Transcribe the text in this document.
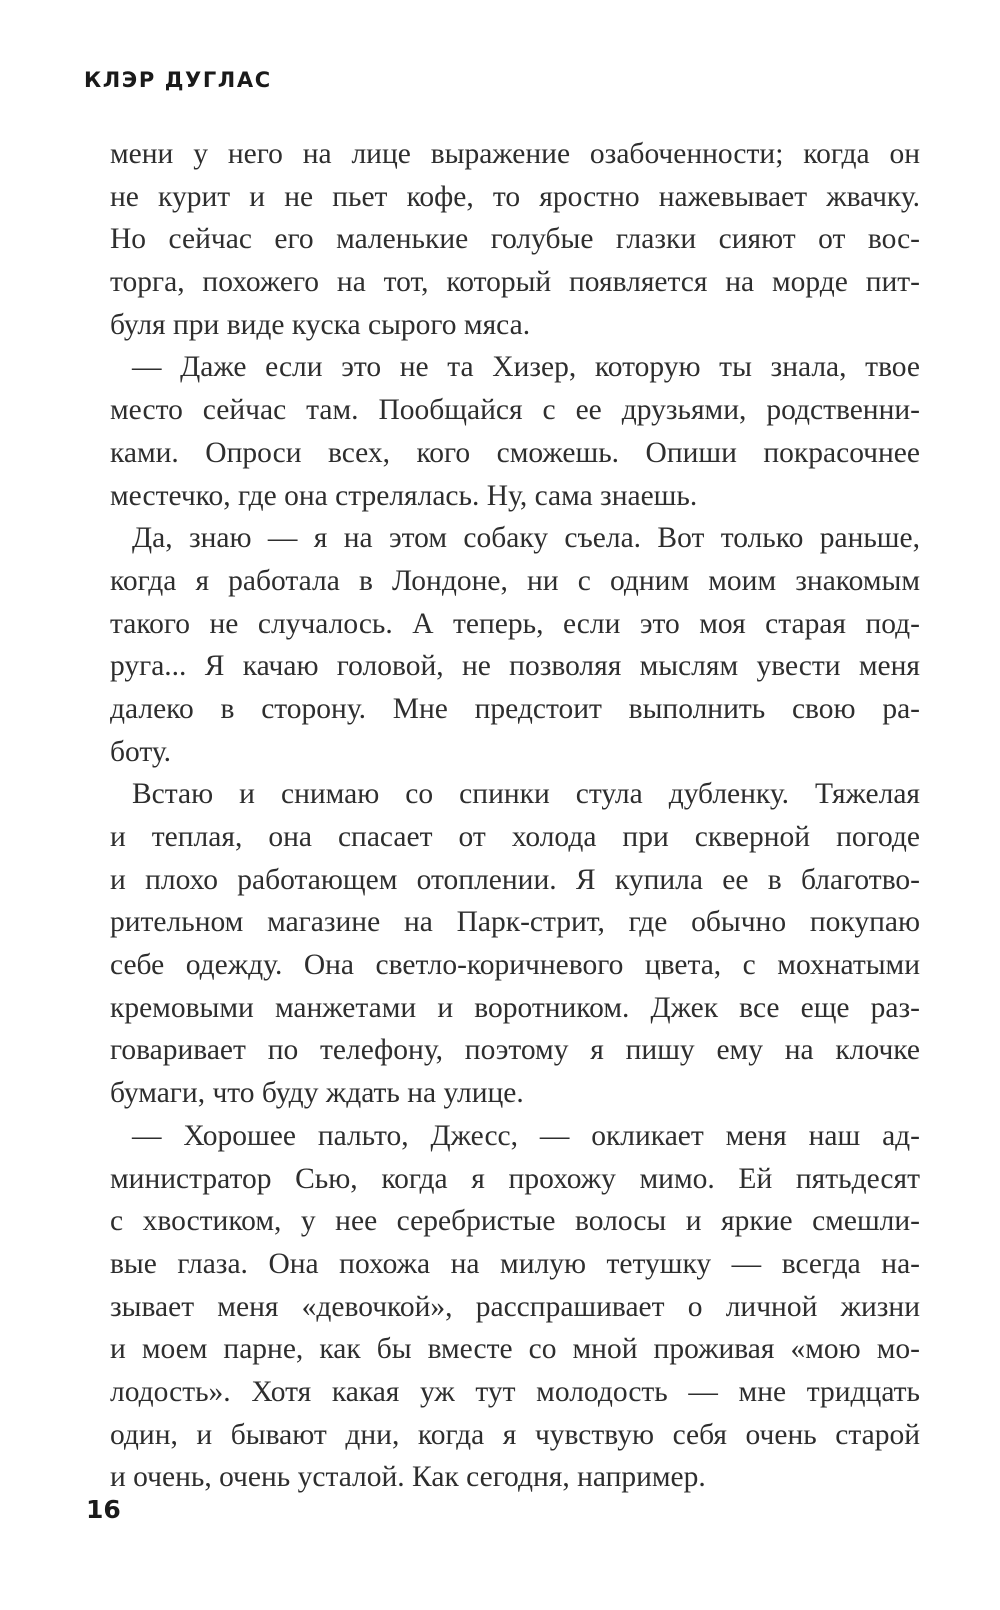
КЛЭР ДУГЛАС
мени у него на лице выражение озабоченности; когда он
не курит и не пьет кофе, то яростно нажевывает жвачку.
Но сейчас его маленькие голубые глазки сияют от вос-
торга, похожего на тот, который появляется на морде пит-
буля при виде куска сырого мяса.
— Даже если это не та Хизер, которую ты знала, твое
место сейчас там. Пообщайся с ее друзьями, родственни-
ками. Опроси всех, кого сможешь. Опиши покрасочнее
местечко, где она стрелялась. Ну, сама знаешь.
Да, знаю — я на этом собаку съела. Вот только раньше,
когда я работала в Лондоне, ни с одним моим знакомым
такого не случалось. А теперь, если это моя старая под-
руга... Я качаю головой, не позволяя мыслям увести меня
далеко в сторону. Мне предстоит выполнить свою ра-
боту.
Встаю и снимаю со спинки стула дубленку. Тяжелая
и теплая, она спасает от холода при скверной погоде
и плохо работающем отоплении. Я купила ее в благотво-
рительном магазине на Парк-стрит, где обычно покупаю
себе одежду. Она светло-коричневого цвета, с мохнатыми
кремовыми манжетами и воротником. Джек все еще раз-
говаривает по телефону, поэтому я пишу ему на клочке
бумаги, что буду ждать на улице.
— Хорошее пальто, Джесс, — окликает меня наш ад-
министратор Сью, когда я прохожу мимо. Ей пятьдесят
с хвостиком, у нее серебристые волосы и яркие смешли-
вые глаза. Она похожа на милую тетушку — всегда на-
зывает меня «девочкой», расспрашивает о личной жизни
и моем парне, как бы вместе со мной проживая «мою мо-
лодость». Хотя какая уж тут молодость — мне тридцать
один, и бывают дни, когда я чувствую себя очень старой
и очень, очень усталой. Как сегодня, например.
16
